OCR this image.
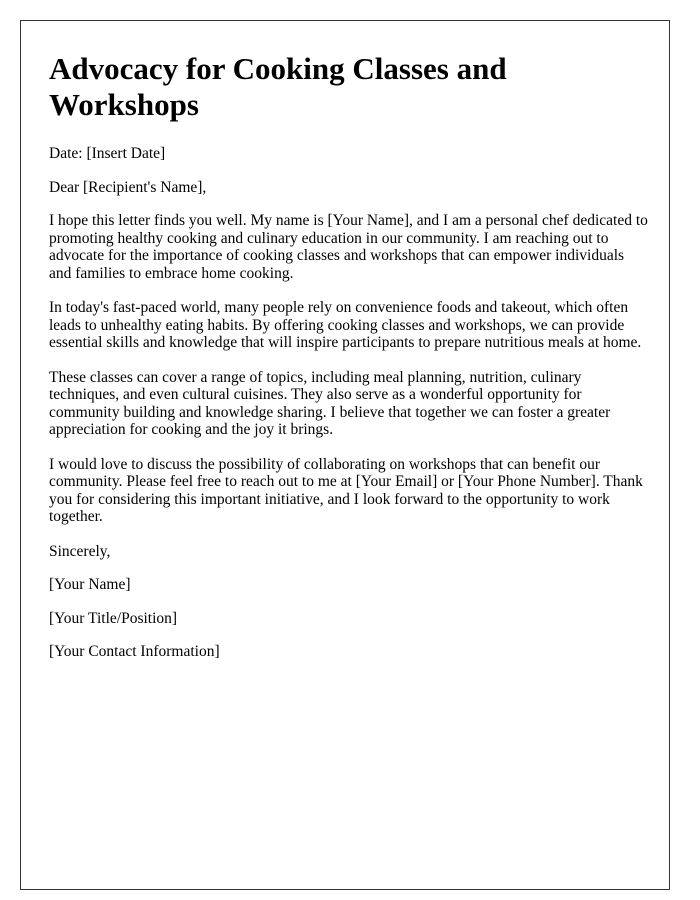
Advocacy for Cooking Classes and Workshops

Date: [Insert Date]

Dear [Recipient's Name],

I hope this letter finds you well. My name is [Your Name], and I am a personal chef dedicated to promoting healthy cooking and culinary education in our community. I am reaching out to advocate for the importance of cooking classes and workshops that can empower individuals and families to embrace home cooking.

In today's fast-paced world, many people rely on convenience foods and takeout, which often leads to unhealthy eating habits. By offering cooking classes and workshops, we can provide essential skills and knowledge that will inspire participants to prepare nutritious meals at home.

These classes can cover a range of topics, including meal planning, nutrition, culinary techniques, and even cultural cuisines. They also serve as a wonderful opportunity for community building and knowledge sharing. I believe that together we can foster a greater appreciation for cooking and the joy it brings.

I would love to discuss the possibility of collaborating on workshops that can benefit our community. Please feel free to reach out to me at [Your Email] or [Your Phone Number]. Thank you for considering this important initiative, and I look forward to the opportunity to work together.

Sincerely,

[Your Name]

[Your Title/Position]

[Your Contact Information]
